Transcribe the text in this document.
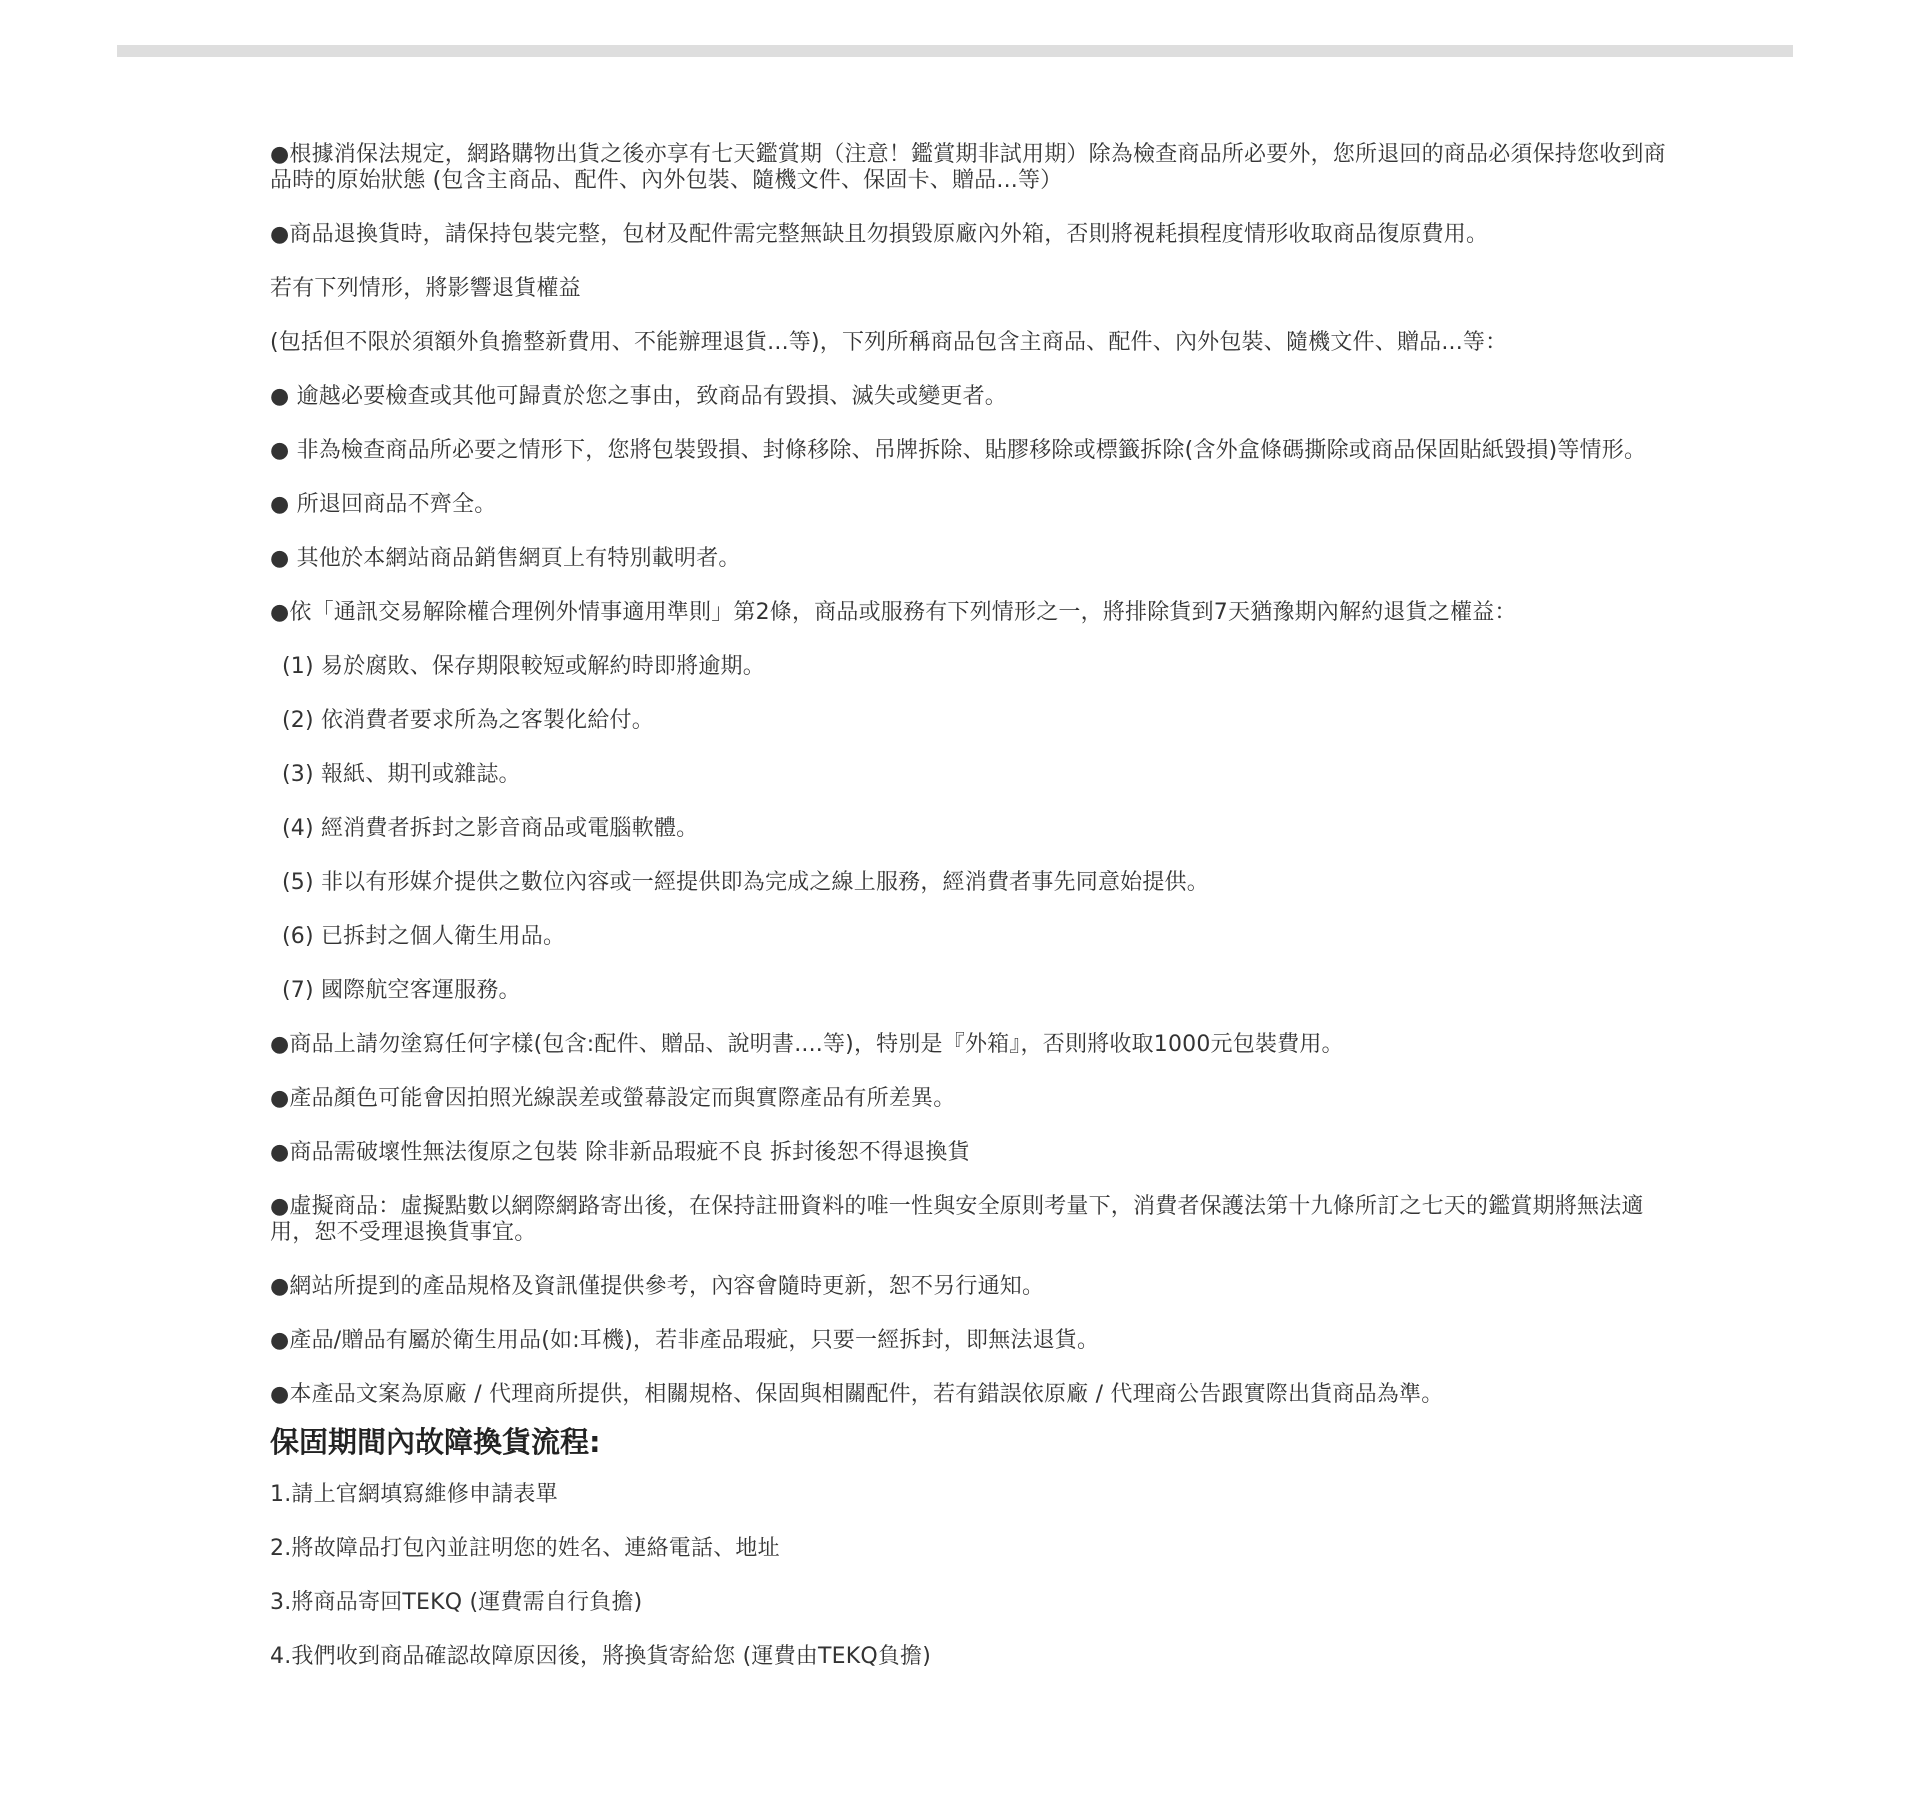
●根據消保法規定，網路購物出貨之後亦享有七天鑑賞期（注意！鑑賞期非試用期）除為檢查商品所必要外，您所退回的商品必須保持您收到商品時的原始狀態 (包含主商品、配件、內外包裝、隨機文件、保固卡、贈品...等）

●商品退換貨時，請保持包裝完整，包材及配件需完整無缺且勿損毀原廠內外箱，否則將視耗損程度情形收取商品復原費用。

若有下列情形，將影響退貨權益

(包括但不限於須額外負擔整新費用、不能辦理退貨...等)，下列所稱商品包含主商品、配件、內外包裝、隨機文件、贈品...等：

● 逾越必要檢查或其他可歸責於您之事由，致商品有毀損、滅失或變更者。

● 非為檢查商品所必要之情形下，您將包裝毀損、封條移除、吊牌拆除、貼膠移除或標籤拆除(含外盒條碼撕除或商品保固貼紙毀損)等情形。

● 所退回商品不齊全。

● 其他於本網站商品銷售網頁上有特別載明者。

●依「通訊交易解除權合理例外情事適用準則」第2條，商品或服務有下列情形之一，將排除貨到7天猶豫期內解約退貨之權益：

(1) 易於腐敗、保存期限較短或解約時即將逾期。

(2) 依消費者要求所為之客製化給付。

(3) 報紙、期刊或雜誌。

(4) 經消費者拆封之影音商品或電腦軟體。

(5) 非以有形媒介提供之數位內容或一經提供即為完成之線上服務，經消費者事先同意始提供。

(6) 已拆封之個人衛生用品。

(7) 國際航空客運服務。

●商品上請勿塗寫任何字樣(包含:配件、贈品、說明書....等)，特別是『外箱』，否則將收取1000元包裝費用。

●產品顏色可能會因拍照光線誤差或螢幕設定而與實際產品有所差異。

●商品需破壞性無法復原之包裝 除非新品瑕疵不良 拆封後恕不得退換貨

●虛擬商品：虛擬點數以網際網路寄出後，在保持註冊資料的唯一性與安全原則考量下，消費者保護法第十九條所訂之七天的鑑賞期將無法適用，恕不受理退換貨事宜。

●網站所提到的產品規格及資訊僅提供參考，內容會隨時更新，恕不另行通知。

●產品/贈品有屬於衛生用品(如:耳機)，若非產品瑕疵，只要一經拆封，即無法退貨。

●本產品文案為原廠 / 代理商所提供，相關規格、保固與相關配件，若有錯誤依原廠 / 代理商公告跟實際出貨商品為準。

保固期間內故障換貨流程:

1.請上官網填寫維修申請表單

2.將故障品打包內並註明您的姓名、連絡電話、地址

3.將商品寄回TEKQ (運費需自行負擔)

4.我們收到商品確認故障原因後，將換貨寄給您 (運費由TEKQ負擔)
